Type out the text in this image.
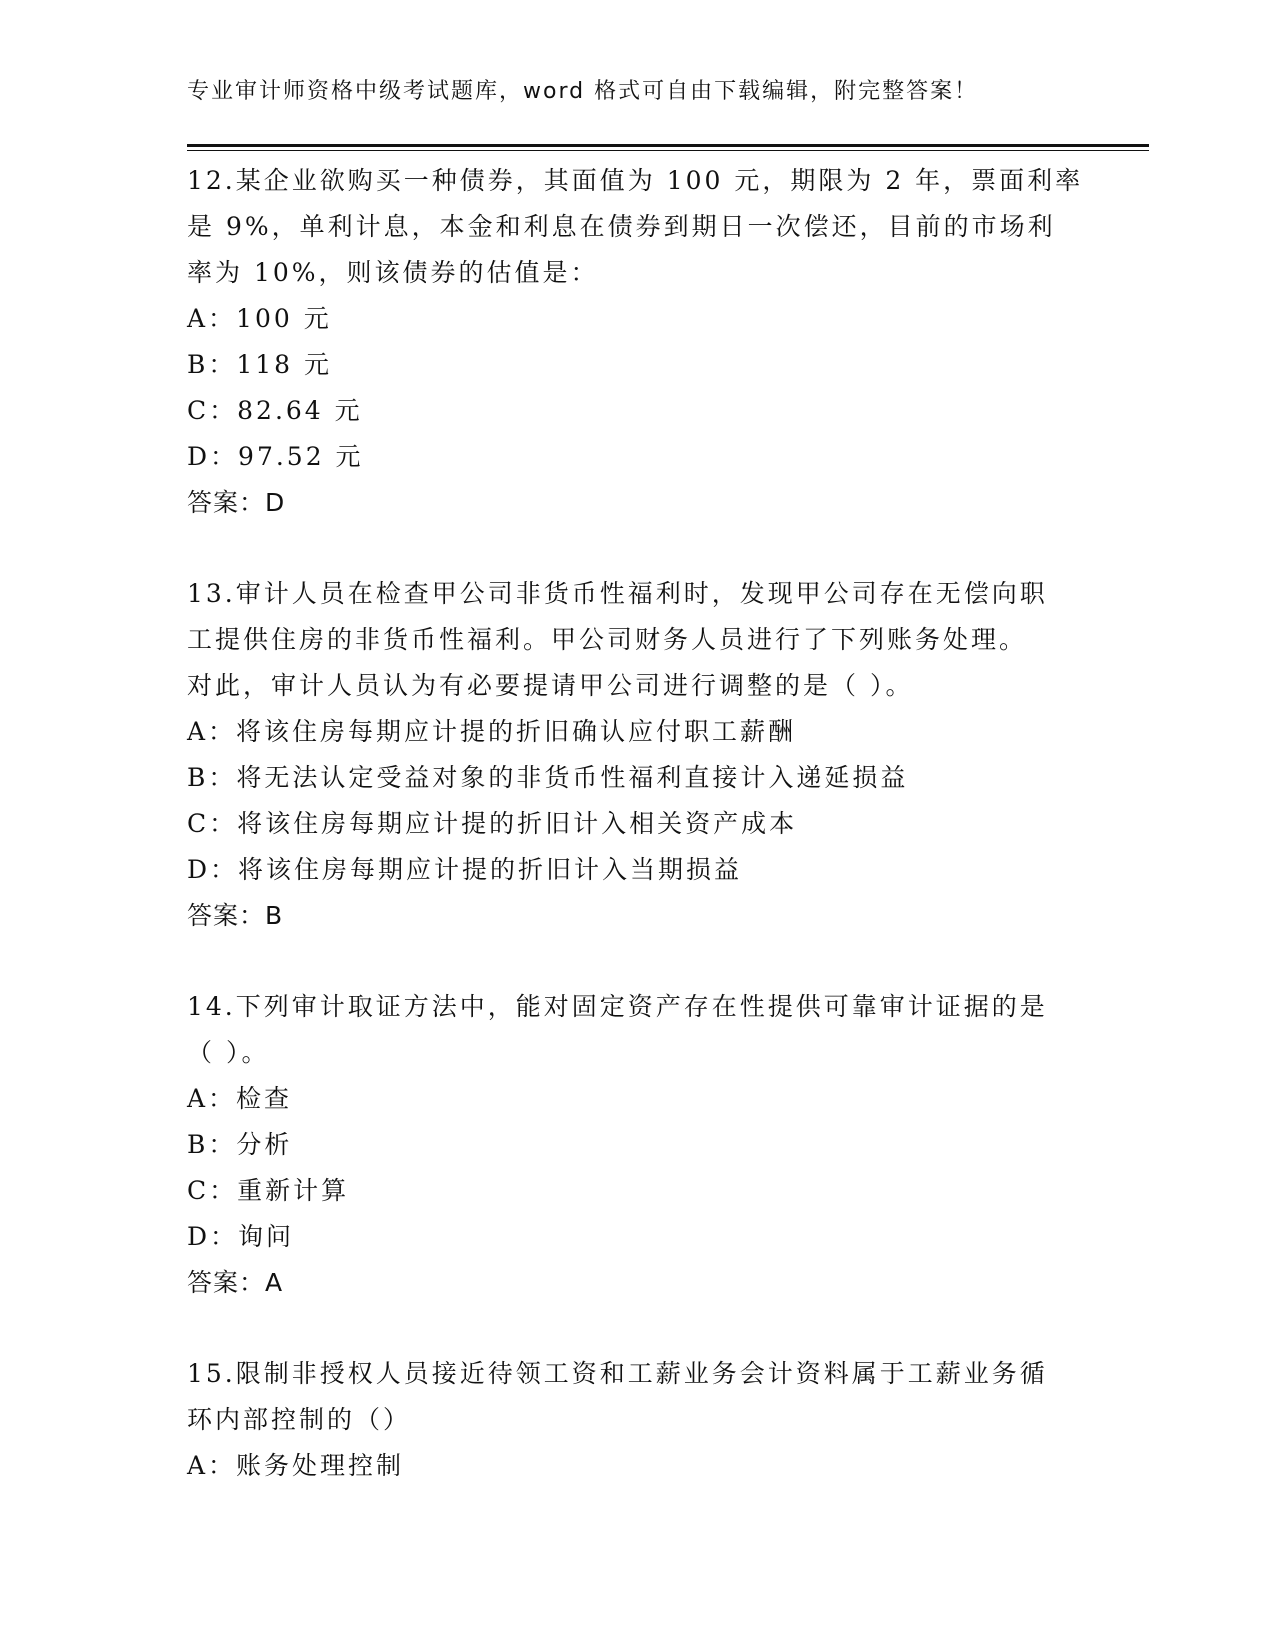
专业审计师资格中级考试题库，word 格式可自由下载编辑，附完整答案！
12.某企业欲购买一种债券，其面值为 100 元，期限为 2 年，票面利率
是 9%，单利计息，本金和利息在债券到期日一次偿还，目前的市场利
率为 10%，则该债券的估值是：
A：100 元
B：118 元
C：82.64 元
D：97.52 元
答案：D
13.审计人员在检查甲公司非货币性福利时，发现甲公司存在无偿向职
工提供住房的非货币性福利。甲公司财务人员进行了下列账务处理。
对此，审计人员认为有必要提请甲公司进行调整的是（ ）。
A：将该住房每期应计提的折旧确认应付职工薪酬
B：将无法认定受益对象的非货币性福利直接计入递延损益
C：将该住房每期应计提的折旧计入相关资产成本
D：将该住房每期应计提的折旧计入当期损益
答案：B
14.下列审计取证方法中，能对固定资产存在性提供可靠审计证据的是
（ ）。
A：检查
B：分析
C：重新计算
D：询问
答案：A
15.限制非授权人员接近待领工资和工薪业务会计资料属于工薪业务循
环内部控制的（）
A：账务处理控制
